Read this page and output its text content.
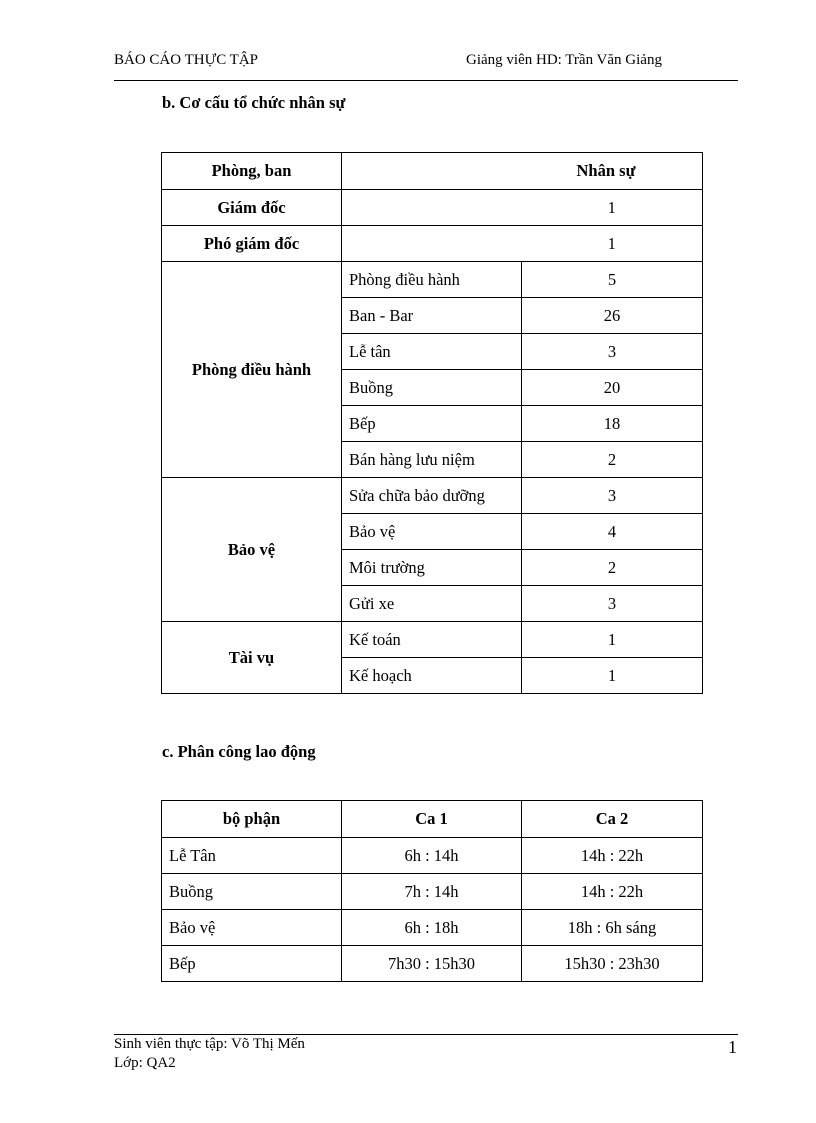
BÁO CÁO THỰC TẬP	Giảng viên HD: Trần Văn Giảng
b. Cơ cấu tổ chức nhân sự
Phòng, ban		Nhân sự
Giám đốc		1
Phó giám đốc		1
Phòng điều hành	Phòng điều hành	5
	Ban - Bar	26
	Lễ tân	3
	Buồng	20
	Bếp	18
	Bán hàng lưu niệm	2
Bảo vệ	Sửa chữa bảo dưỡng	3
	Bảo vệ	4
	Môi trường	2
	Gửi xe	3
Tài vụ	Kế toán	1
	Kế hoạch	1
c. Phân công lao động
bộ phận	Ca 1	Ca 2
Lễ Tân	6h : 14h	14h : 22h
Buồng	7h : 14h	14h : 22h
Bảo vệ	6h : 18h	18h : 6h sáng
Bếp	7h30 : 15h30	15h30 : 23h30
Sinh viên thực tập: Võ Thị Mến
Lớp: QA2
1
